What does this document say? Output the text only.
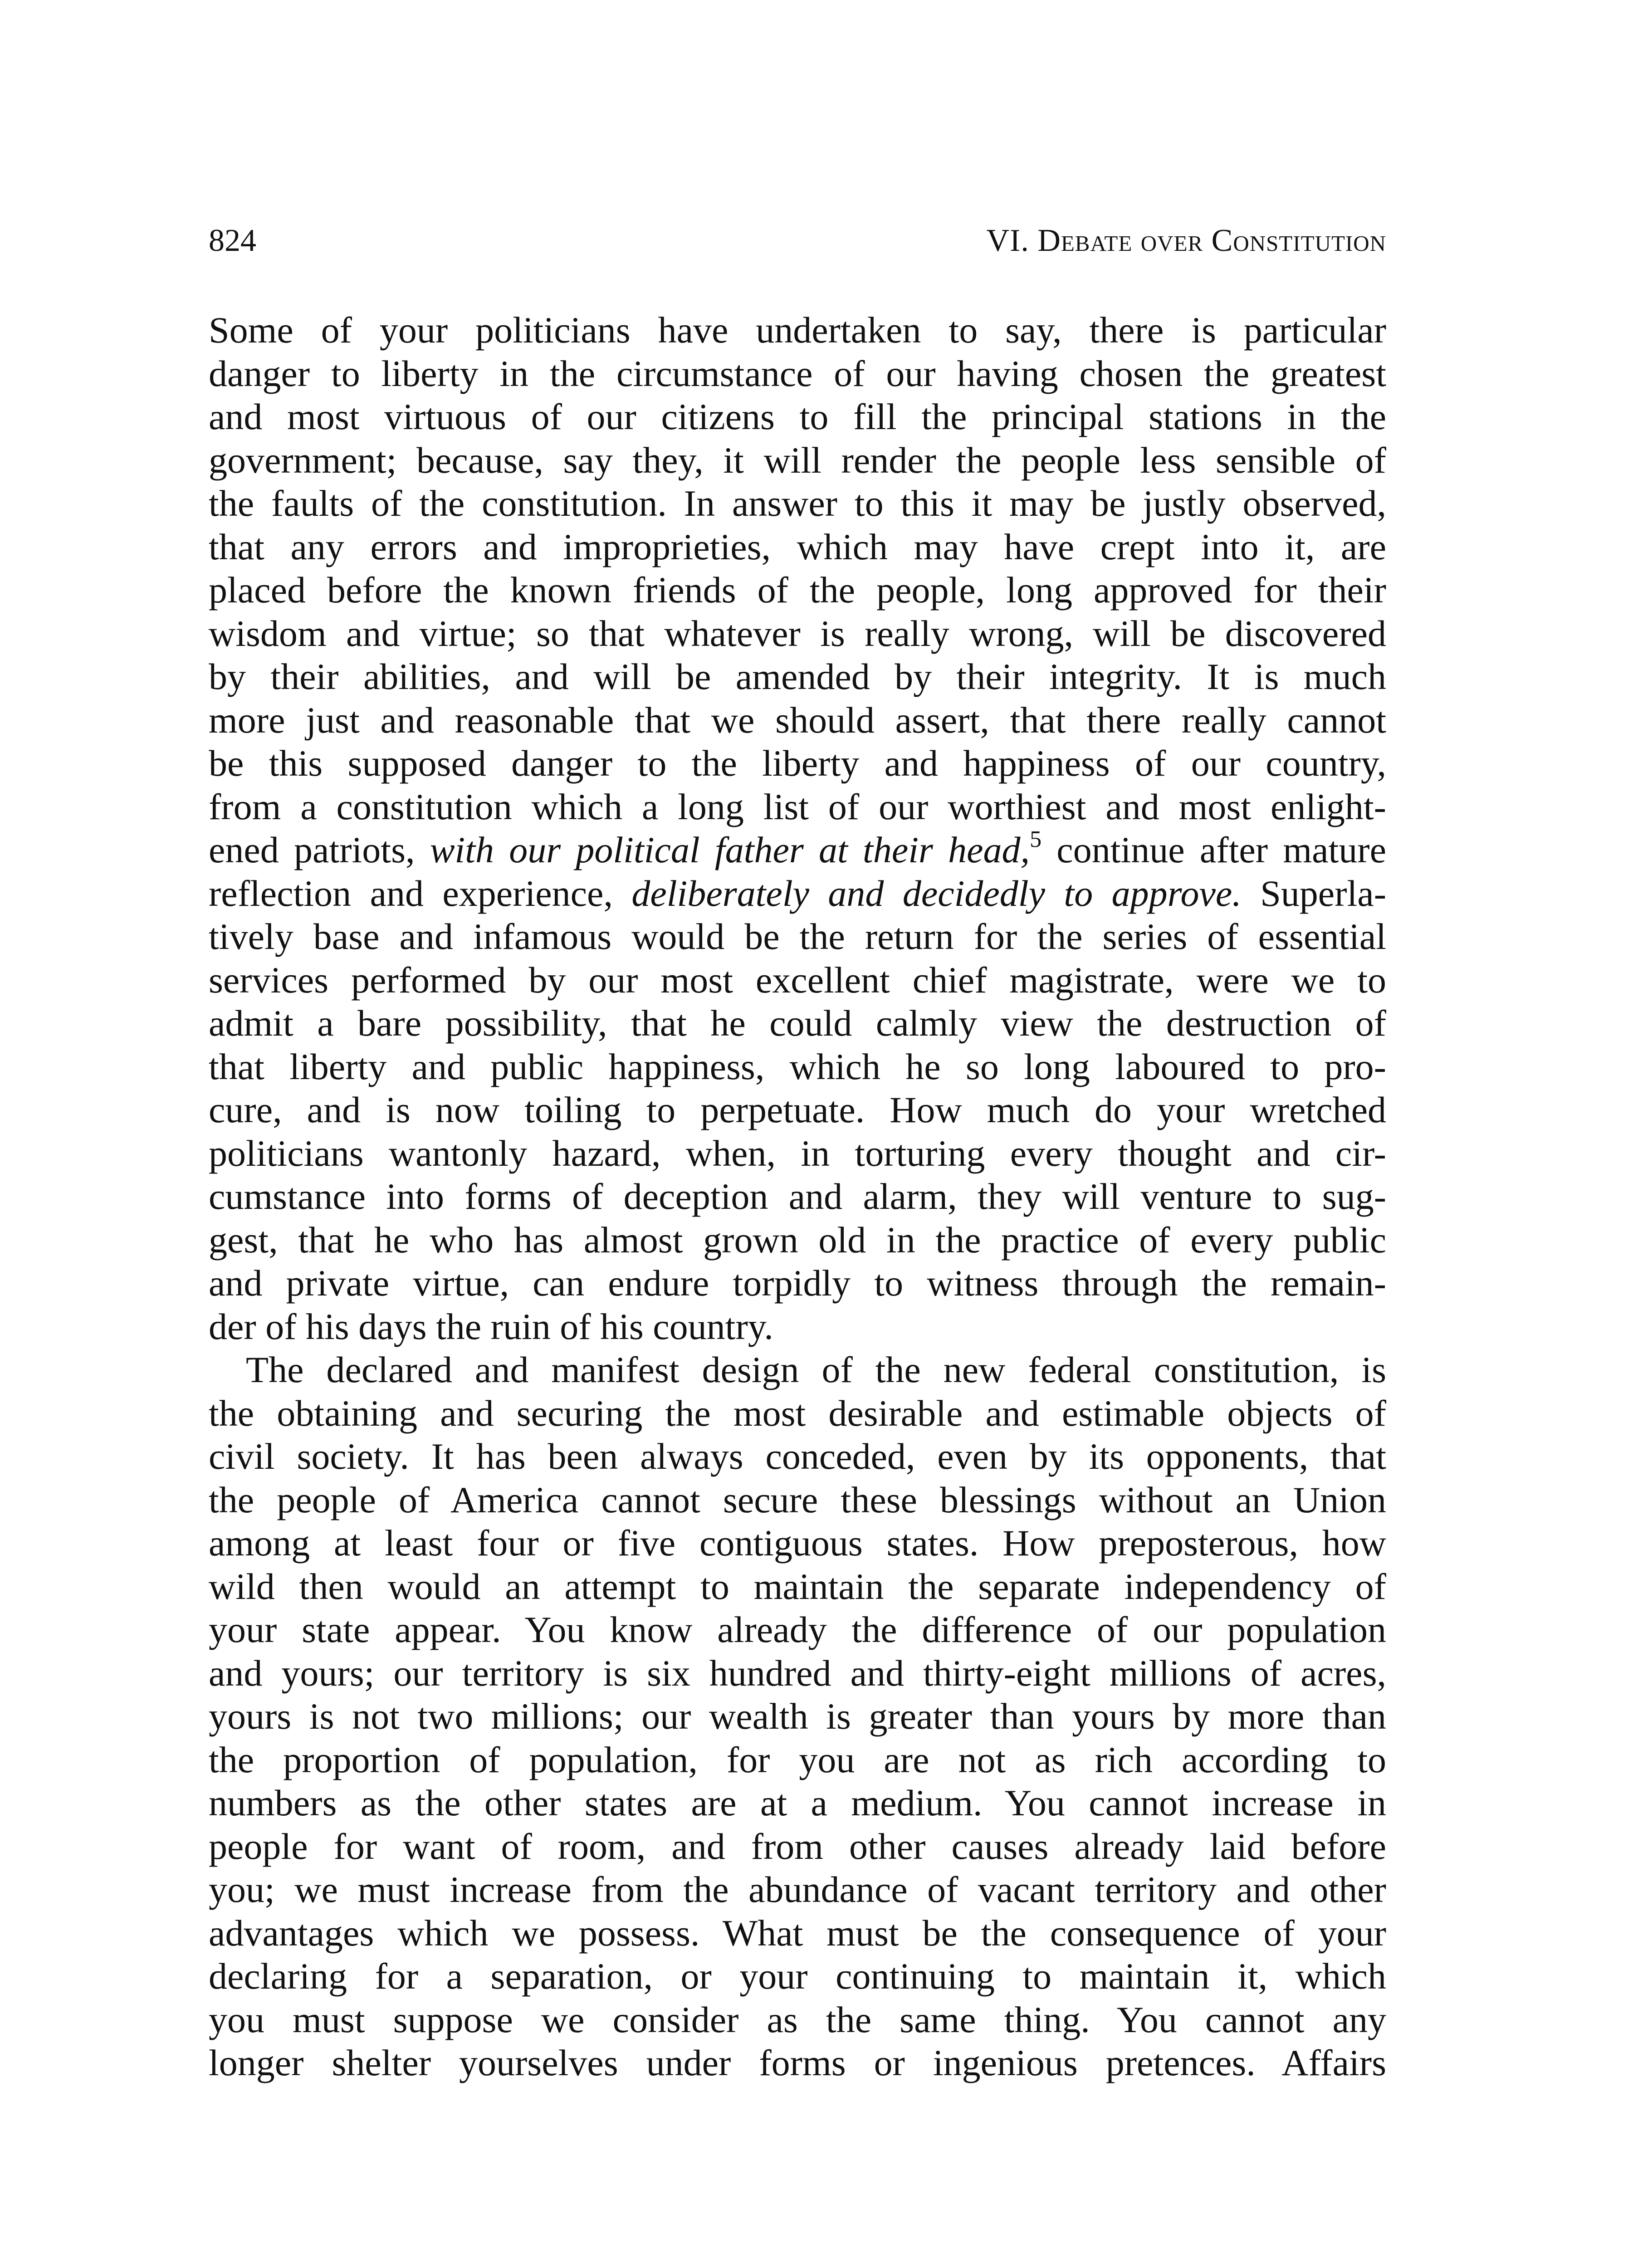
824	VI. Debate over Constitution
Some of your politicians have undertaken to say, there is particular
danger to liberty in the circumstance of our having chosen the greatest
and most virtuous of our citizens to fill the principal stations in the
government; because, say they, it will render the people less sensible of
the faults of the constitution. In answer to this it may be justly observed,
that any errors and improprieties, which may have crept into it, are
placed before the known friends of the people, long approved for their
wisdom and virtue; so that whatever is really wrong, will be discovered
by their abilities, and will be amended by their integrity. It is much
more just and reasonable that we should assert, that there really cannot
be this supposed danger to the liberty and happiness of our country,
from a constitution which a long list of our worthiest and most enlight-
ened patriots, with our political father at their head,$^5$ continue after mature
reflection and experience, deliberately and decidedly to approve. Superla-
tively base and infamous would be the return for the series of essential
services performed by our most excellent chief magistrate, were we to
admit a bare possibility, that he could calmly view the destruction of
that liberty and public happiness, which he so long laboured to pro-
cure, and is now toiling to perpetuate. How much do your wretched
politicians wantonly hazard, when, in torturing every thought and cir-
cumstance into forms of deception and alarm, they will venture to sug-
gest, that he who has almost grown old in the practice of every public
and private virtue, can endure torpidly to witness through the remain-
der of his days the ruin of his country.
The declared and manifest design of the new federal constitution, is
the obtaining and securing the most desirable and estimable objects of
civil society. It has been always conceded, even by its opponents, that
the people of America cannot secure these blessings without an Union
among at least four or five contiguous states. How preposterous, how
wild then would an attempt to maintain the separate independency of
your state appear. You know already the difference of our population
and yours; our territory is six hundred and thirty-eight millions of acres,
yours is not two millions; our wealth is greater than yours by more than
the proportion of population, for you are not as rich according to
numbers as the other states are at a medium. You cannot increase in
people for want of room, and from other causes already laid before
you; we must increase from the abundance of vacant territory and other
advantages which we possess. What must be the consequence of your
declaring for a separation, or your continuing to maintain it, which
you must suppose we consider as the same thing. You cannot any
longer shelter yourselves under forms or ingenious pretences. Affairs
